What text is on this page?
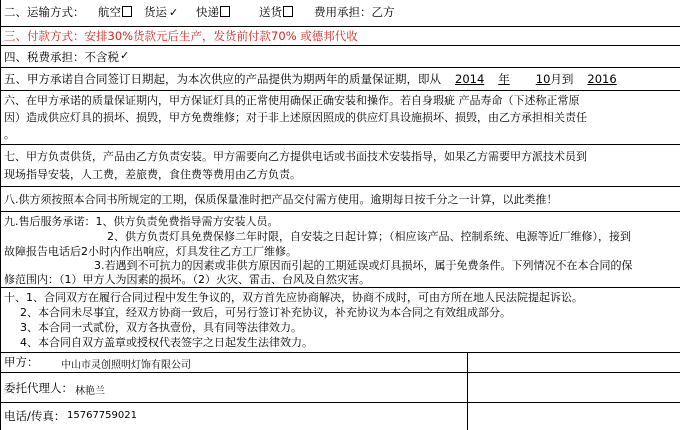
二、运输方式： 航空	货运 ✓ 快递	送货	费用承担：乙方
三、付款方式：安排30%货款元后生产，发货前付款70% 或德邦代收
四、税费承担：不含税 ✓
五、甲方承诺自合同签订日期起，为本次供应的产品提供为期两年的质量保证期，即从 2014 年 10月到 2016
六、在甲方承诺的质量保证期内，甲方保证灯具的正常使用确保正确安装和操作。若自身瑕疵 产品寿命（下述称正常原
因）造成供应灯具的损坏、损毁，甲方免费维修；对于非上述原因照成的供应灯具设施损坏、损毁，由乙方承担相关责任
。
七、甲方负责供货，产品由乙方负责安装。甲方需要向乙方提供电话或书面技术安装指导，如果乙方需要甲方派技术员到
现场指导安装，人工费，差旅费，食住费等费用由乙方负责。
八.供方须按照本合同书所规定的工期，保质保量准时把产品交付需方使用。逾期每日按千分之一计算，以此类推！
九.售后服务承诺：1、供方负责免费指导需方安装人员。
2、供方负责灯具免费保修二年时限，自安装之日起计算；（相应该产品、控制系统、电源等近厂维修），接到
故障报告电话后2小时内作出响应，灯具发往乙方工厂维修。
3.若遇到不可抗力的因素或非供方原因而引起的工期延误或灯具损坏，属于免费条件。下列情况不在本合同的保
修范围内：（1）甲方人为因素的损坏。（2）火灾、雷击、台风及自然灾害。
十、1、合同双方在履行合同过程中发生争议的，双方首先应协商解决，协商不成时，可由方所在地人民法院提起诉讼。
2、本合同未尽事宜，经双方协商一致后，可另行签订补充协议，补充协议为本合同之有效组成部分。
3、本合同一式贰份，双方各执壹份，具有同等法律效力。
4、本合同自双方盖章或授权代表签字之日起发生法律效力。
甲方： 中山市灵创照明灯饰有限公司
委托代理人： 林艳兰
电话/传真： 15767759021
